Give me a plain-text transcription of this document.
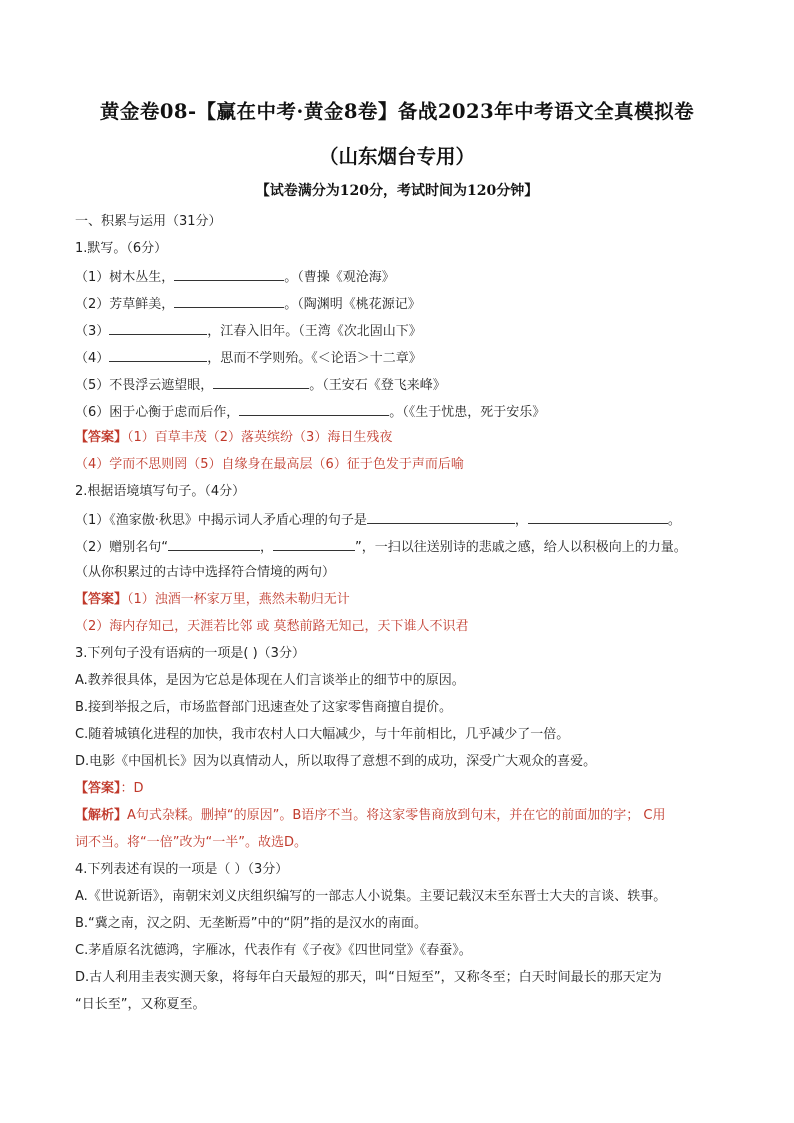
黄金卷08-【赢在中考·黄金8卷】备战2023年中考语文全真模拟卷
（山东烟台专用）
【试卷满分为120分，考试时间为120分钟】
一、积累与运用（31分）
1.默写。（6分）
（1）树木丛生，	。（曹操《观沧海》
（2）芳草鲜美，	。（陶渊明《桃花源记》
（3）	，江春入旧年。（王湾《次北固山下》
（4）	，思而不学则殆。《＜论语＞十二章》
（5）不畏浮云遮望眼，	。（王安石《登飞来峰》
（6）困于心衡于虑而后作，	。（《生于忧患，死于安乐》
【答案】（1）百草丰茂（2）落英缤纷（3）海日生残夜
（4）学而不思则罔（5）自缘身在最高层（6）征于色发于声而后喻
2.根据语境填写句子。（4分）
（1）《渔家傲·秋思》中揭示词人矛盾心理的句子是	，	。
（2）赠别名句“	，	”，一扫以往送别诗的悲戚之感，给人以积极向上的力量。
（从你积累过的古诗中选择符合情境的两句）
【答案】（1）浊酒一杯家万里，燕然未勒归无计
（2）海内存知己，天涯若比邻 或 莫愁前路无知己，天下谁人不识君
3.下列句子没有语病的一项是( )（3分）
A.教养很具体，是因为它总是体现在人们言谈举止的细节中的原因。
B.接到举报之后，市场监督部门迅速查处了这家零售商擅自提价。
C.随着城镇化进程的加快，我市农村人口大幅减少，与十年前相比，几乎减少了一倍。
D.电影《中国机长》因为以真情动人，所以取得了意想不到的成功，深受广大观众的喜爱。
【答案】：D
【解析】A句式杂糅。删掉“的原因”。B语序不当。将这家零售商放到句末，并在它的前面加的字； C用
词不当。将“一倍”改为“一半”。故选D。
4.下列表述有误的一项是（ ）（3分）
A.《世说新语》，南朝宋刘义庆组织编写的一部志人小说集。主要记载汉末至东晋士大夫的言谈、轶事。
B.“冀之南，汉之阴、无垄断焉”中的“阴”指的是汉水的南面。
C.茅盾原名沈德鸿，字雁冰，代表作有《子夜》《四世同堂》《春蚕》。
D.古人利用圭表实测天象，将每年白天最短的那天，叫“日短至”，又称冬至；白天时间最长的那天定为
“日长至”，又称夏至。
